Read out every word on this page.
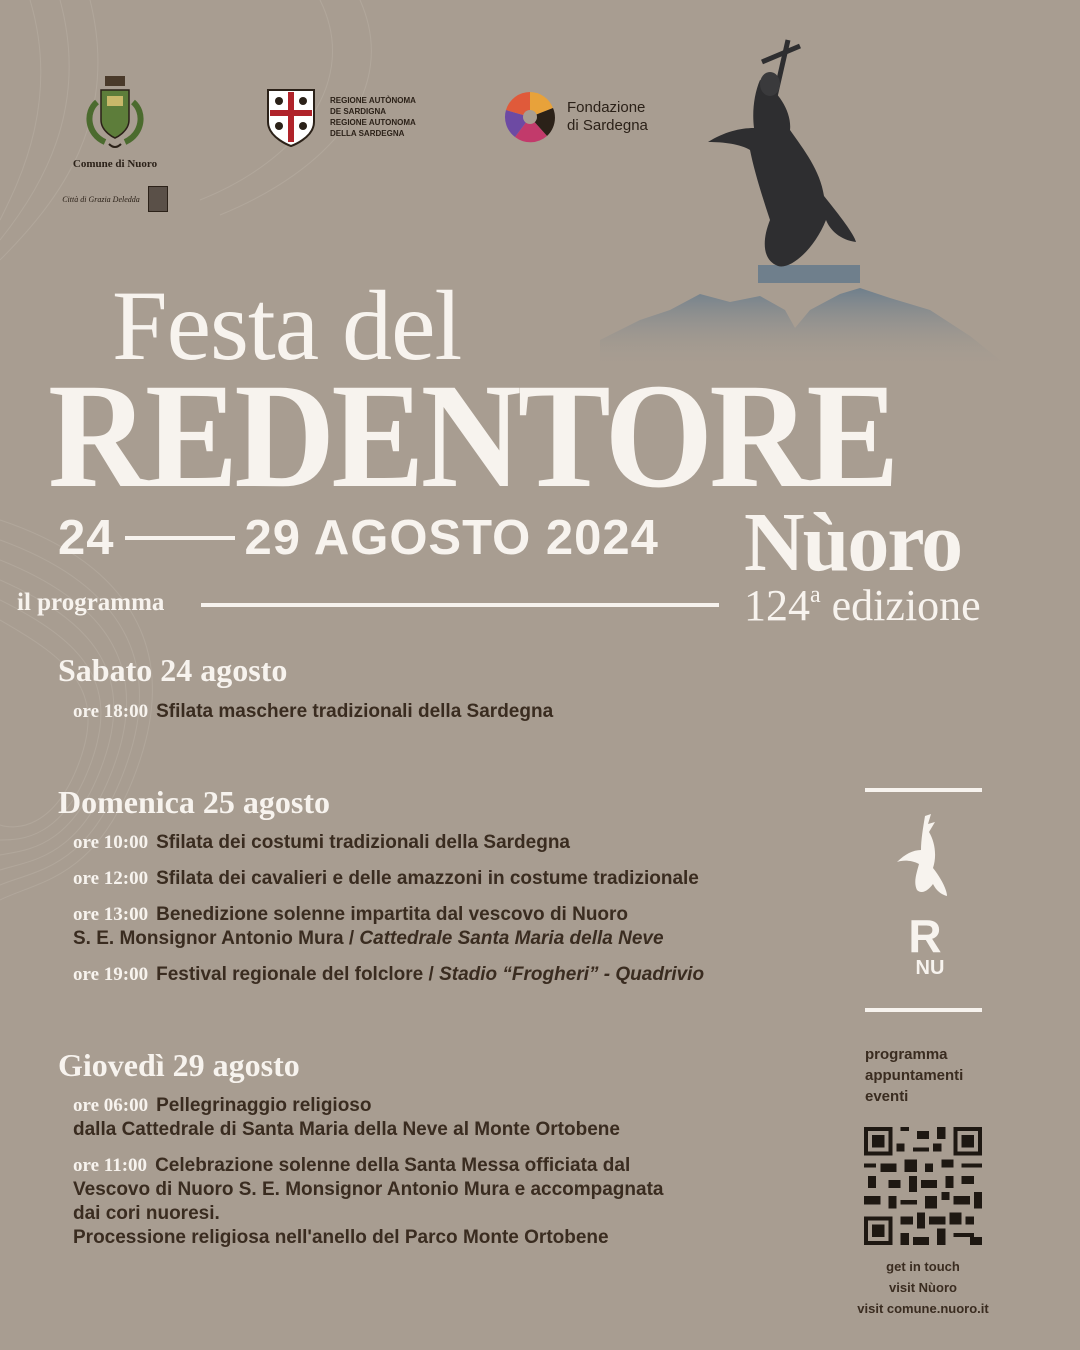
Comune di Nuoro
Città di Grazia Deledda
REGIONE AUTÒNOMA
DE SARDIGNA
REGIONE AUTONOMA
DELLA SARDEGNA
Fondazione
di Sardegna
Festa del
REDENTORE
24	29 AGOSTO 2024 Nùoro
124$^a$ edizione
il programma
Sabato 24 agosto
ore 18:00 Sfilata maschere tradizionali della Sardegna
Domenica 25 agosto
ore 10:00 Sfilata dei costumi tradizionali della Sardegna
ore 12:00 Sfilata dei cavalieri e delle amazzoni in costume tradizionale
ore 13:00 Benedizione solenne impartita dal vescovo di Nuoro
S. E. Monsignor Antonio Mura / Cattedrale Santa Maria della Neve
ore 19:00 Festival regionale del folclore / Stadio “Frogheri” - Quadrivio
Giovedì 29 agosto
ore 06:00 Pellegrinaggio religioso
dalla Cattedrale di Santa Maria della Neve al Monte Ortobene
ore 11:00 Celebrazione solenne della Santa Messa officiata dal
Vescovo di Nuoro S. E. Monsignor Antonio Mura e accompagnata
dai cori nuoresi.
Processione religiosa nell'anello del Parco Monte Ortobene
R
NU
programma
appuntamenti
eventi
get in touch
visit Nùoro
visit comune.nuoro.it
